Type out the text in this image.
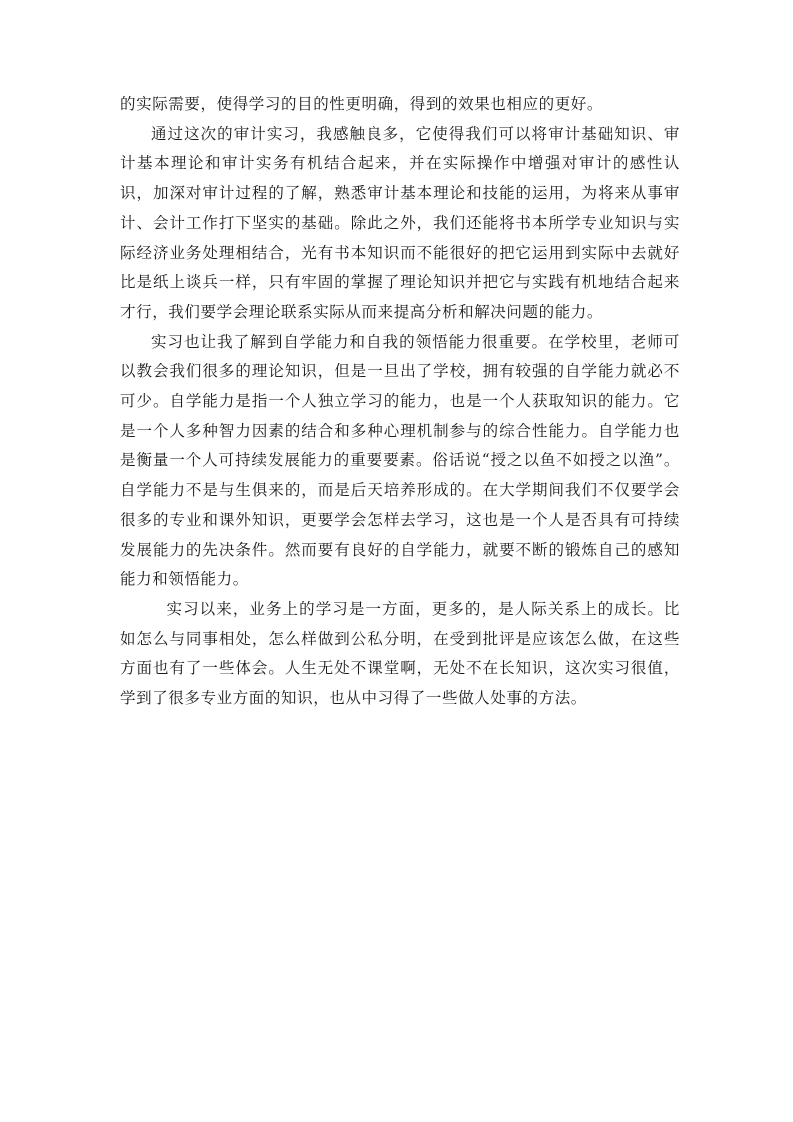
的实际需要，使得学习的目的性更明确，得到的效果也相应的更好。

通过这次的审计实习，我感触良多，它使得我们可以将审计基础知识、审计基本理论和审计实务有机结合起来，并在实际操作中增强对审计的感性认识，加深对审计过程的了解，熟悉审计基本理论和技能的运用，为将来从事审计、会计工作打下坚实的基础。除此之外，我们还能将书本所学专业知识与实际经济业务处理相结合，光有书本知识而不能很好的把它运用到实际中去就好比是纸上谈兵一样，只有牢固的掌握了理论知识并把它与实践有机地结合起来才行，我们要学会理论联系实际从而来提高分析和解决问题的能力。

实习也让我了解到自学能力和自我的领悟能力很重要。在学校里，老师可以教会我们很多的理论知识，但是一旦出了学校，拥有较强的自学能力就必不可少。自学能力是指一个人独立学习的能力，也是一个人获取知识的能力。它是一个人多种智力因素的结合和多种心理机制参与的综合性能力。自学能力也是衡量一个人可持续发展能力的重要要素。俗话说“授之以鱼不如授之以渔”。自学能力不是与生俱来的，而是后天培养形成的。在大学期间我们不仅要学会很多的专业和课外知识，更要学会怎样去学习，这也是一个人是否具有可持续发展能力的先决条件。然而要有良好的自学能力，就要不断的锻炼自己的感知能力和领悟能力。

实习以来，业务上的学习是一方面，更多的，是人际关系上的成长。比如怎么与同事相处，怎么样做到公私分明，在受到批评是应该怎么做，在这些方面也有了一些体会。人生无处不课堂啊，无处不在长知识，这次实习很值，学到了很多专业方面的知识，也从中习得了一些做人处事的方法。
